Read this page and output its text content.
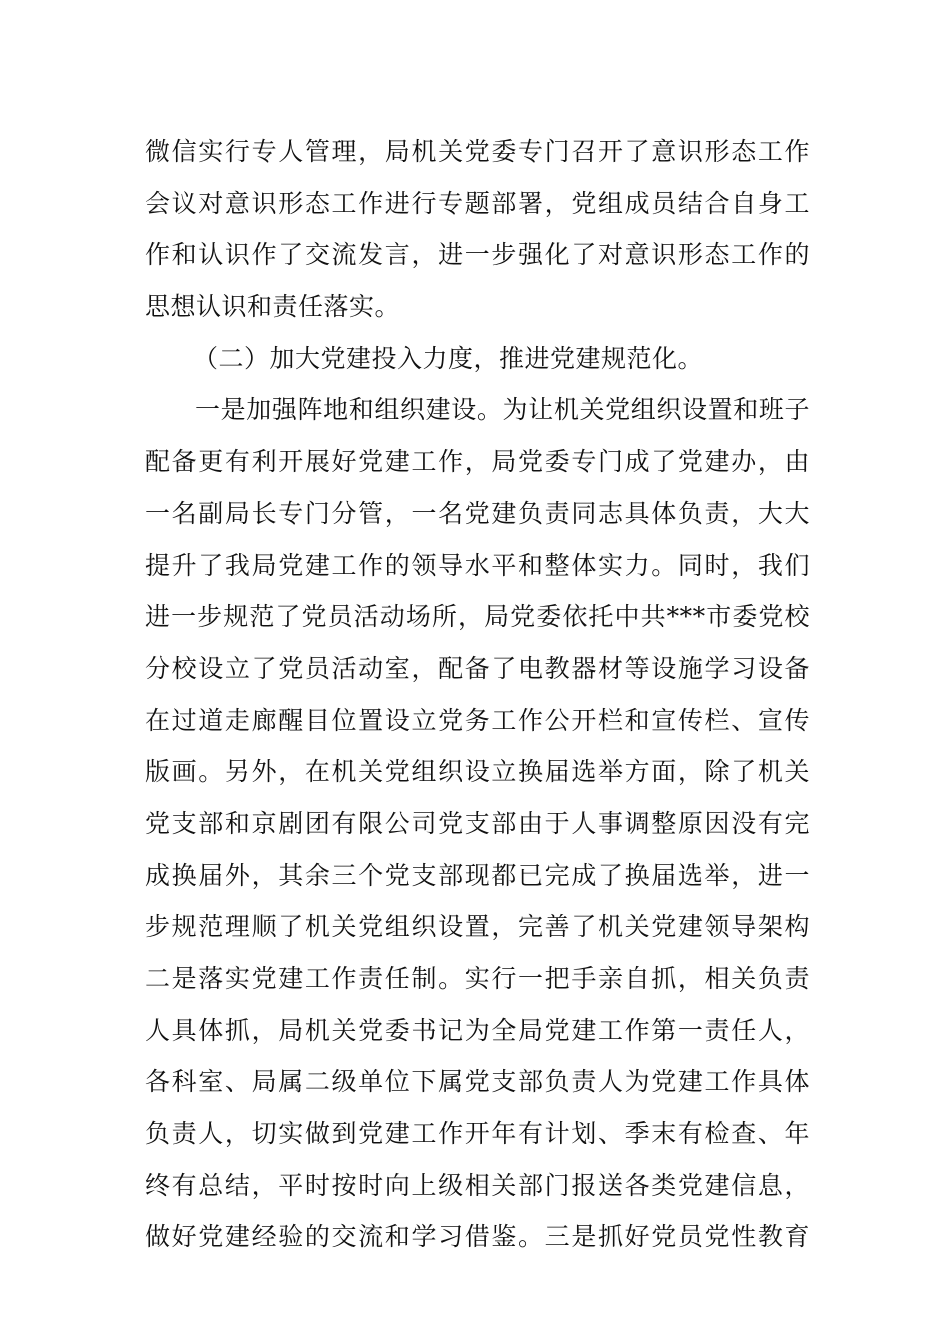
微信实行专人管理，局机关党委专门召开了意识形态工作
会议对意识形态工作进行专题部署，党组成员结合自身工
作和认识作了交流发言，进一步强化了对意识形态工作的
思想认识和责任落实。
（二）加大党建投入力度，推进党建规范化。
一是加强阵地和组织建设。为让机关党组织设置和班子
配备更有利开展好党建工作，局党委专门成了党建办，由
一名副局长专门分管，一名党建负责同志具体负责，大大
提升了我局党建工作的领导水平和整体实力。同时，我们
进一步规范了党员活动场所，局党委依托中共***市委党校
分校设立了党员活动室，配备了电教器材等设施学习设备
在过道走廊醒目位置设立党务工作公开栏和宣传栏、宣传
版画。另外，在机关党组织设立换届选举方面，除了机关
党支部和京剧团有限公司党支部由于人事调整原因没有完
成换届外，其余三个党支部现都已完成了换届选举，进一
步规范理顺了机关党组织设置，完善了机关党建领导架构
二是落实党建工作责任制。实行一把手亲自抓，相关负责
人具体抓，局机关党委书记为全局党建工作第一责任人，
各科室、局属二级单位下属党支部负责人为党建工作具体
负责人，切实做到党建工作开年有计划、季末有检查、年
终有总结，平时按时向上级相关部门报送各类党建信息，
做好党建经验的交流和学习借鉴。三是抓好党员党性教育
